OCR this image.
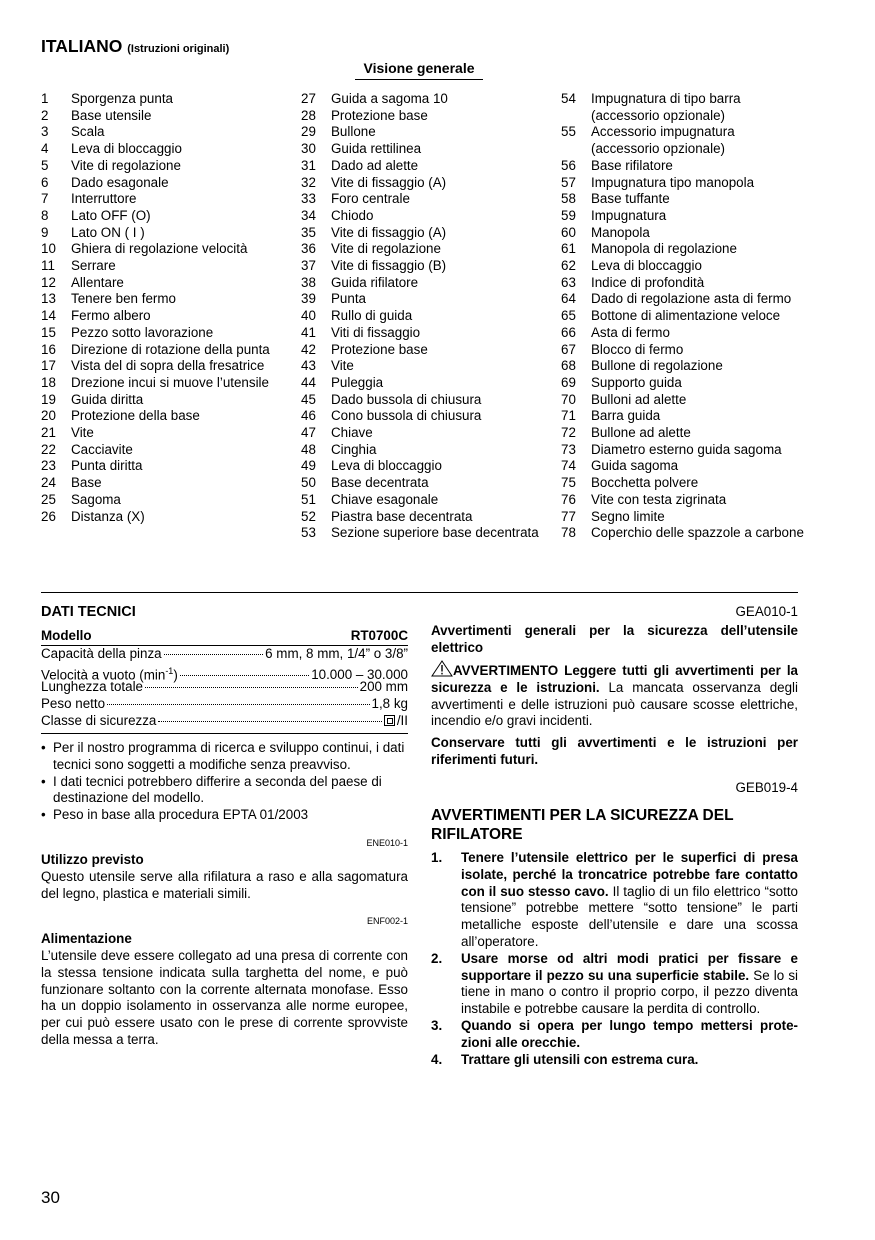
ITALIANO (Istruzioni originali)
Visione generale
1	Sporgenza punta
2	Base utensile
3	Scala
4	Leva di bloccaggio
5	Vite di regolazione
6	Dado esagonale
7	Interruttore
8	Lato OFF (O)
9	Lato ON ( I )
10	Ghiera di regolazione velocità
11	Serrare
12	Allentare
13	Tenere ben fermo
14	Fermo albero
15	Pezzo sotto lavorazione
16	Direzione di rotazione della punta
17	Vista del di sopra della fresatrice
18	Drezione incui si muove l’utensile
19	Guida diritta
20	Protezione della base
21	Vite
22	Cacciavite
23	Punta diritta
24	Base
25	Sagoma
26	Distanza (X)
27	Guida a sagoma 10
28	Protezione base
29	Bullone
30	Guida rettilinea
31	Dado ad alette
32	Vite di fissaggio (A)
33	Foro centrale
34	Chiodo
35	Vite di fissaggio (A)
36	Vite di regolazione
37	Vite di fissaggio (B)
38	Guida rifilatore
39	Punta
40	Rullo di guida
41	Viti di fissaggio
42	Protezione base
43	Vite
44	Puleggia
45	Dado bussola di chiusura
46	Cono bussola di chiusura
47	Chiave
48	Cinghia
49	Leva di bloccaggio
50	Base decentrata
51	Chiave esagonale
52	Piastra base decentrata
53	Sezione superiore base decentrata
54	Impugnatura di tipo barra (accessorio opzionale)
55	Accessorio impugnatura (accessorio opzionale)
56	Base rifilatore
57	Impugnatura tipo manopola
58	Base tuffante
59	Impugnatura
60	Manopola
61	Manopola di regolazione
62	Leva di bloccaggio
63	Indice di profondità
64	Dado di regolazione asta di fermo
65	Bottone di alimentazione veloce
66	Asta di fermo
67	Blocco di fermo
68	Bullone di regolazione
69	Supporto guida
70	Bulloni ad alette
71	Barra guida
72	Bullone ad alette
73	Diametro esterno guida sagoma
74	Guida sagoma
75	Bocchetta polvere
76	Vite con testa zigrinata
77	Segno limite
78	Coperchio delle spazzole a carbone
DATI TECNICI
Modello	RT0700C
Capacità della pinza	6 mm, 8 mm, 1/4” o 3/8”
Velocità a vuoto $(\min^{-1})$	10.000 – 30.000
Lunghezza totale	200 mm
Peso netto	1,8 kg
Classe di sicurezza	/II
• Per il nostro programma di ricerca e sviluppo continui, i dati tecnici sono soggetti a modifiche senza preavviso.
• I dati tecnici potrebbero differire a seconda del paese di destinazione del modello.
• Peso in base alla procedura EPTA 01/2003
ENE010-1
Utilizzo previsto
Questo utensile serve alla rifilatura a raso e alla sagomatura del legno, plastica e materiali simili.
ENF002-1
Alimentazione
L’utensile deve essere collegato ad una presa di corrente con la stessa tensione indicata sulla targhetta del nome, e può funzionare soltanto con la corrente alternata monofase. Esso ha un doppio isolamento in osservanza alle norme europee, per cui può essere usato con le prese di corrente sprovviste della messa a terra.
GEA010-1
Avvertimenti generali per la sicurezza dell’utensile elettrico
AVVERTIMENTO Leggere tutti gli avvertimenti per la sicurezza e le istruzioni. La mancata osservanza degli avvertimenti e delle istruzioni può causare scosse elettriche, incendio e/o gravi incidenti.
Conservare tutti gli avvertimenti e le istruzioni per riferimenti futuri.
GEB019-4
AVVERTIMENTI PER LA SICUREZZA DEL RIFILATORE
1.	Tenere l’utensile elettrico per le superfici di presa isolate, perché la troncatrice potrebbe fare contatto con il suo stesso cavo. Il taglio di un filo elettrico “sotto tensione” potrebbe mettere “sotto tensione” le parti metalliche esposte dell’utensile e dare una scossa all’operatore.
2.	Usare morse od altri modi pratici per fissare e supportare il pezzo su una superficie stabile. Se lo si tiene in mano o contro il proprio corpo, il pezzo diventa instabile e potrebbe causare la perdita di controllo.
3.	Quando si opera per lungo tempo mettersi protezioni alle orecchie.
4.	Trattare gli utensili con estrema cura.
30
